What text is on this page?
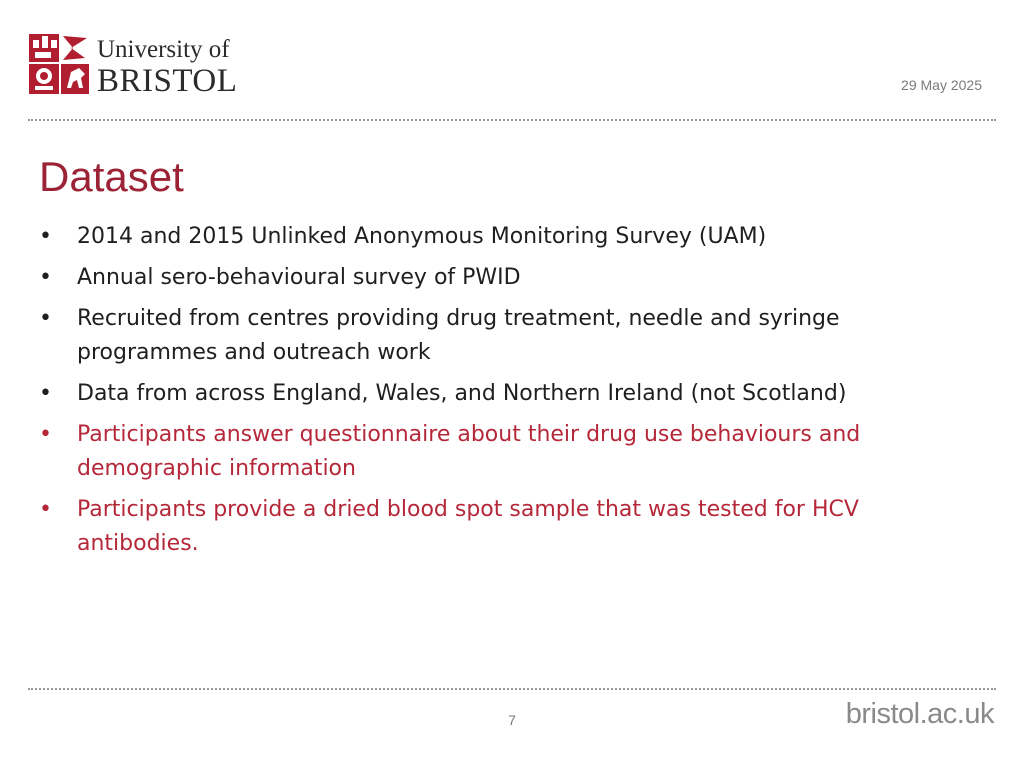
University of
BRISTOL	29 May 2025
Dataset
• 2014 and 2015 Unlinked Anonymous Monitoring Survey (UAM)
• Annual sero-behavioural survey of PWID
• Recruited from centres providing drug treatment, needle and syringe programmes and outreach work
• Data from across England, Wales, and Northern Ireland (not Scotland)
• Participants answer questionnaire about their drug use behaviours and demographic information
• Participants provide a dried blood spot sample that was tested for HCV antibodies.
7	bristol.ac.uk
